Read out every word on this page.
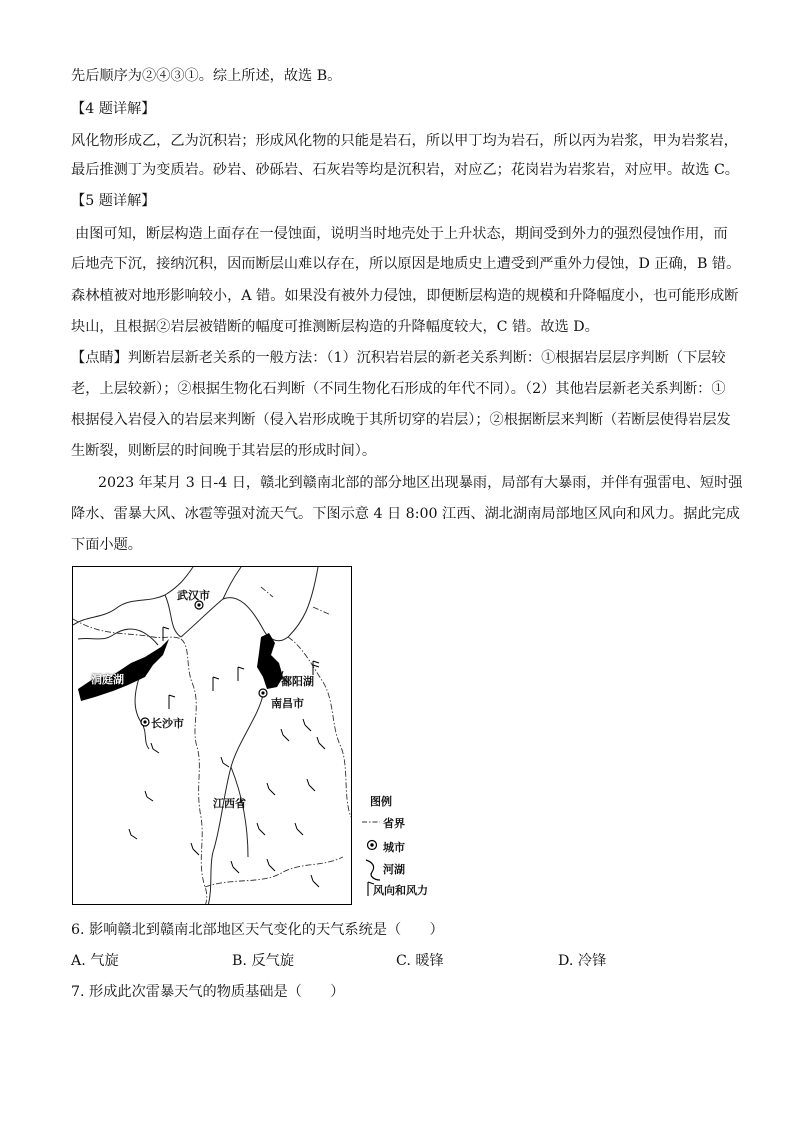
先后顺序为②④③①。综上所述，故选 B。
【4 题详解】
风化物形成乙，乙为沉积岩；形成风化物的只能是岩石，所以甲丁均为岩石，所以丙为岩浆，甲为岩浆岩，
最后推测丁为变质岩。砂岩、砂砾岩、石灰岩等均是沉积岩，对应乙；花岗岩为岩浆岩，对应甲。故选 C。
【5 题详解】
由图可知，断层构造上面存在一侵蚀面，说明当时地壳处于上升状态，期间受到外力的强烈侵蚀作用，而
后地壳下沉，接纳沉积，因而断层山难以存在，所以原因是地质史上遭受到严重外力侵蚀，D 正确，B 错。
森林植被对地形影响较小，A 错。如果没有被外力侵蚀，即便断层构造的规模和升降幅度小，也可能形成断
块山，且根据②岩层被错断的幅度可推测断层构造的升降幅度较大，C 错。故选 D。
【点睛】判断岩层新老关系的一般方法：（1）沉积岩岩层的新老关系判断：①根据岩层层序判断（下层较
老，上层较新）；②根据生物化石判断（不同生物化石形成的年代不同）。（2）其他岩层新老关系判断：①
根据侵入岩侵入的岩层来判断（侵入岩形成晚于其所切穿的岩层）；②根据断层来判断（若断层使得岩层发
生断裂，则断层的时间晚于其岩层的形成时间）。
2023 年某月 3 日-4 日，赣北到赣南北部的部分地区出现暴雨，局部有大暴雨，并伴有强雷电、短时强
降水、雷暴大风、冰雹等强对流天气。下图示意 4 日 8:00 江西、湖北湖南局部地区风向和风力。据此完成
下面小题。
武汉市
洞庭湖	鄱阳湖
南昌市
长沙市
江西省	图例
省界
城市
河湖
风向和风力
6. 影响赣北到赣南北部地区天气变化的天气系统是（　　）
A. 气旋	B. 反气旋	C. 暖锋	D. 冷锋
7. 形成此次雷暴天气的物质基础是（　　）
